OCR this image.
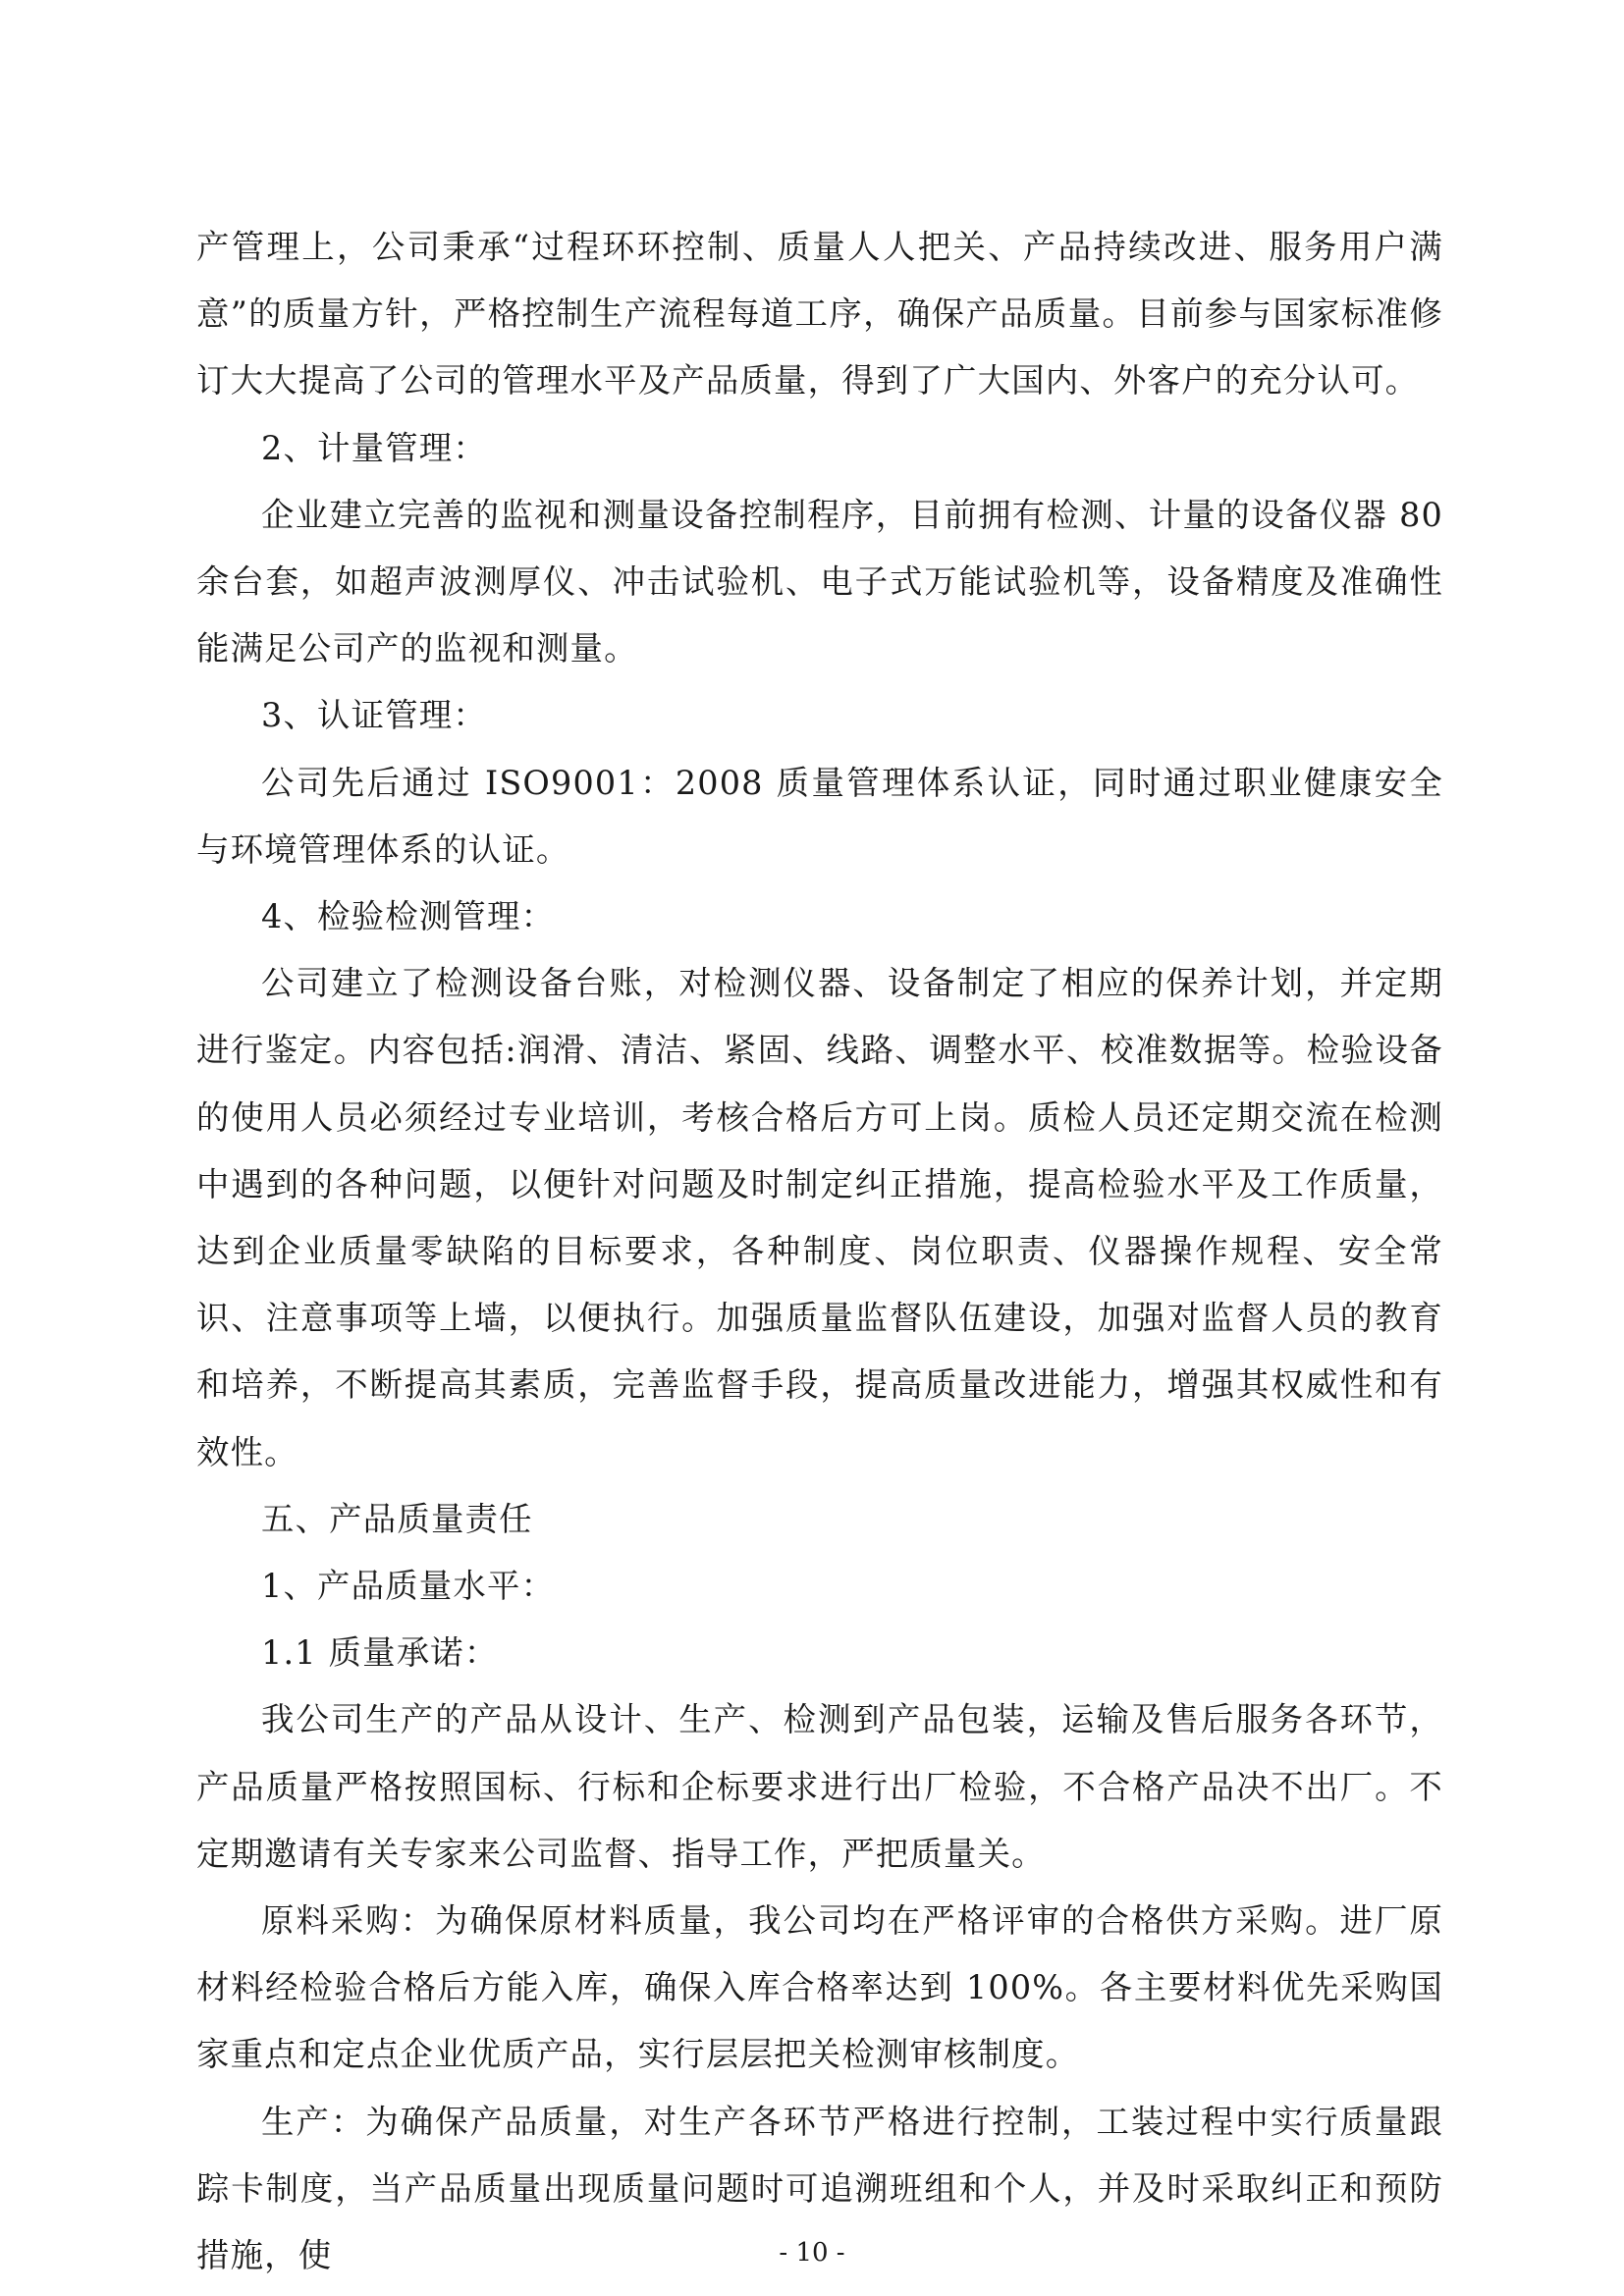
产管理上，公司秉承“过程环环控制、质量人人把关、产品持续改进、服务用户满意”的质量方针，严格控制生产流程每道工序，确保产品质量。目前参与国家标准修订大大提高了公司的管理水平及产品质量，得到了广大国内、外客户的充分认可。

2、计量管理：

企业建立完善的监视和测量设备控制程序，目前拥有检测、计量的设备仪器 80 余台套，如超声波测厚仪、冲击试验机、电子式万能试验机等，设备精度及准确性能满足公司产的监视和测量。

3、认证管理：

公司先后通过 ISO9001：2008 质量管理体系认证，同时通过职业健康安全与环境管理体系的认证。

4、检验检测管理：

公司建立了检测设备台账，对检测仪器、设备制定了相应的保养计划，并定期进行鉴定。内容包括:润滑、清洁、紧固、线路、调整水平、校准数据等。检验设备的使用人员必须经过专业培训，考核合格后方可上岗。质检人员还定期交流在检测中遇到的各种问题，以便针对问题及时制定纠正措施，提高检验水平及工作质量，达到企业质量零缺陷的目标要求，各种制度、岗位职责、仪器操作规程、安全常识、注意事项等上墙，以便执行。加强质量监督队伍建设，加强对监督人员的教育和培养，不断提高其素质，完善监督手段，提高质量改进能力，增强其权威性和有效性。

五、产品质量责任

1、产品质量水平：

1.1 质量承诺：

我公司生产的产品从设计、生产、检测到产品包装，运输及售后服务各环节，产品质量严格按照国标、行标和企标要求进行出厂检验，不合格产品决不出厂。不定期邀请有关专家来公司监督、指导工作，严把质量关。

原料采购：为确保原材料质量，我公司均在严格评审的合格供方采购。进厂原材料经检验合格后方能入库，确保入库合格率达到 100%。各主要材料优先采购国家重点和定点企业优质产品，实行层层把关检测审核制度。

生产：为确保产品质量，对生产各环节严格进行控制，工装过程中实行质量跟踪卡制度，当产品质量出现质量问题时可追溯班组和个人，并及时采取纠正和预防措施，使	- 10 -
